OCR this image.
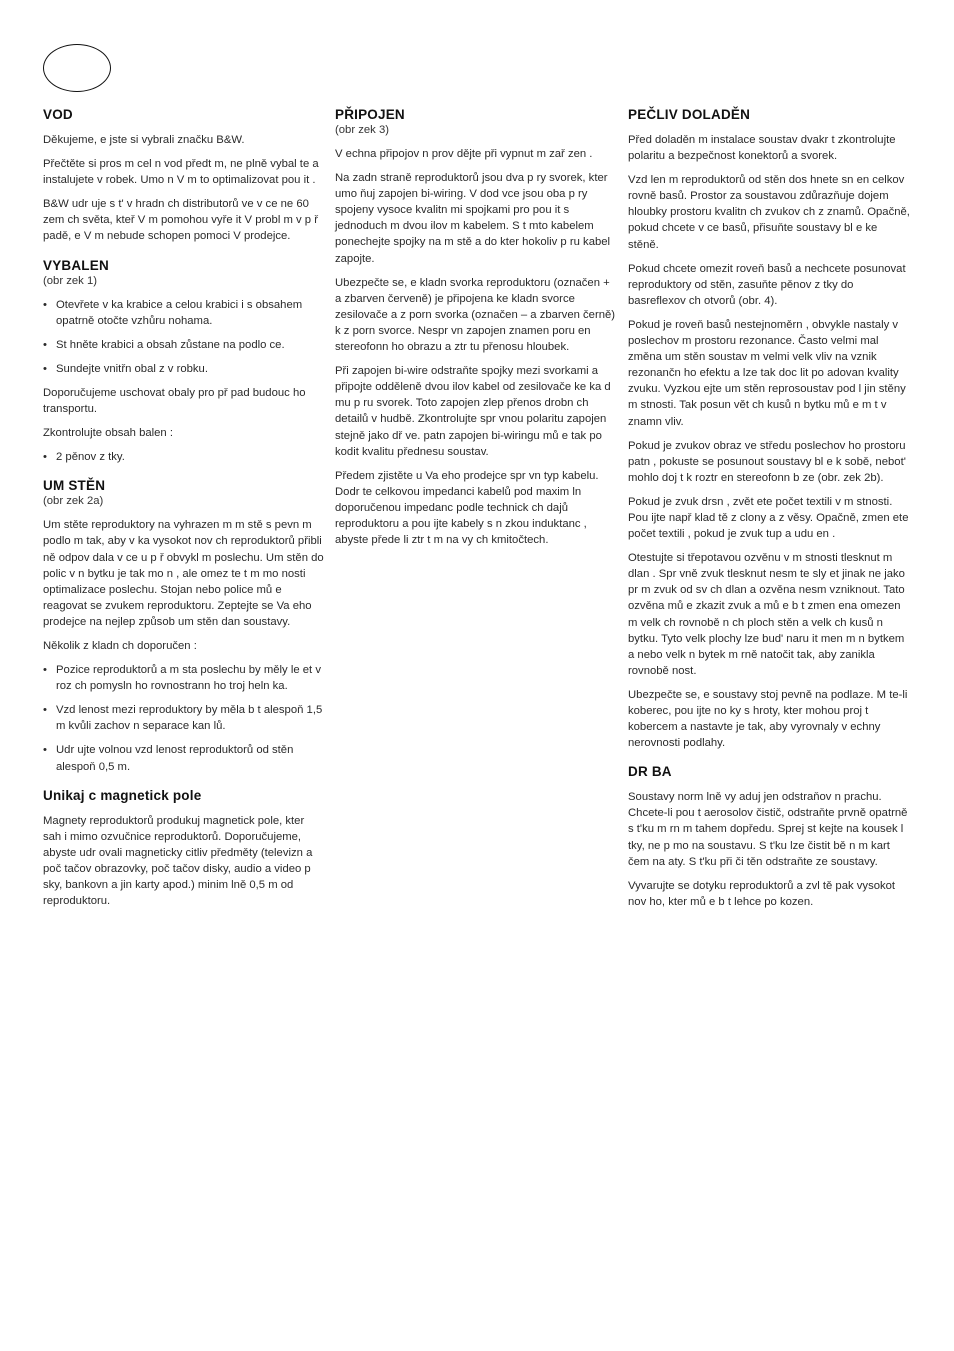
VOD

Děkujeme, e jste si vybrali značku B&W.

Přečtěte si pros m cel n vod předt m, ne plně vybal te a instalujete v robek. Umo n V m to optimalizovat pou it .

B&W udr uje s t' v hradn ch distributorů ve v ce ne 60 zem ch světa, kteř V m pomohou vyře it V probl m v p ř padě, e V m nebude schopen pomoci V prodejce.

VYBALEN
(obr zek 1)
• Otevřete v ka krabice a celou krabici i s obsahem opatrně otočte vzhůru nohama.
• St hněte krabici a obsah zůstane na podlo ce.
• Sundejte vnitřn obal z v robku.

Doporučujeme uschovat obaly pro př pad budouc ho transportu.

Zkontrolujte obsah balen :

• 2 pěnov z tky.
UM STĚN
(obr zek 2a)

Um stěte reproduktory na vyhrazen m m stě s pevn m podlo m tak, aby v ka vysokot nov ch reproduktorů přibli ně odpov dala v ce u p ř obvykl m poslechu. Um stěn do polic v n bytku je tak mo n , ale omez te t m mo nosti optimalizace poslechu. Stojan nebo police mů e reagovat se zvukem reproduktoru. Zeptejte se Va eho prodejce na nejlep způsob um stěn dan soustavy.

Několik z kladn ch doporučen :

• Pozice reproduktorů a m sta poslechu by měly le et v roz ch pomysln ho rovnostrann ho troj heln ka.
• Vzd lenost mezi reproduktory by měla b t alespoň 1,5 m kvůli zachov n separace kan lů.
• Udr ujte volnou vzd lenost reproduktorů od stěn alespoň 0,5 m.
Unikaj c magnetick pole

Magnety reproduktorů produkuj magnetick pole, kter sah i mimo ozvučnice reproduktorů. Doporučujeme, abyste udr ovali magneticky citliv předměty (televizn a poč tačov obrazovky, poč tačov disky, audio a video p sky, bankovn a jin karty apod.) minim lně 0,5 m od reproduktoru.

PŘIPOJEN
(obr zek 3)

V echna připojov n prov dějte při vypnut m zař zen .

Na zadn straně reproduktorů jsou dva p ry svorek, kter umo ňuj zapojen bi-wiring. V dod vce jsou oba p ry spojeny vysoce kvalitn mi spojkami pro pou it s jednoduch m dvou ilov m kabelem. S t mto kabelem ponechejte spojky na m stě a do kter hokoliv p ru kabel zapojte.

Ubezpečte se, e kladn svorka reproduktoru (označen + a zbarven červeně) je připojena ke kladn svorce zesilovače a z porn svorka (označen – a zbarven černě) k z porn svorce. Nespr vn zapojen znamen poru en stereofonn ho obrazu a ztr tu přenosu hloubek.

Při zapojen bi-wire odstraňte spojky mezi svorkami a připojte odděleně dvou ilov kabel od zesilovače ke ka d mu p ru svorek. Toto zapojen zlep přenos drobn ch detailů v hudbě. Zkontrolujte spr vnou polaritu zapojen stejně jako dř ve. patn zapojen bi-wiringu mů e tak po kodit kvalitu přednesu soustav.

Předem zjistěte u Va eho prodejce spr vn typ kabelu. Dodr te celkovou impedanci kabelů pod maxim ln doporučenou impedanc podle technick ch dajů reproduktoru a pou ijte kabely s n zkou induktanc , abyste přede li ztr t m na vy ch kmitočtech.

PEČLIV DOLADĚN

Před doladěn m instalace soustav dvakr t zkontrolujte polaritu a bezpečnost konektorů a svorek.

Vzd len m reproduktorů od stěn dos hnete sn en celkov rovně basů. Prostor za soustavou zdůrazňuje dojem hloubky prostoru kvalitn ch zvukov ch z znamů. Opačně, pokud chcete v ce basů, přisuňte soustavy bl e ke stěně.

Pokud chcete omezit roveň basů a nechcete posunovat reproduktory od stěn, zasuňte pěnov z tky do basreflexov ch otvorů (obr. 4).

Pokud je roveň basů nestejnoměrn , obvykle nastaly v poslechov m prostoru rezonance. Často velmi mal změna um stěn soustav m velmi velk vliv na vznik rezonančn ho efektu a lze tak doc lit po adovan kvality zvuku. Vyzkou ejte um stěn reprosoustav pod l jin stěny m stnosti. Tak posun vět ch kusů n bytku mů e m t v znamn vliv.

Pokud je zvukov obraz ve středu poslechov ho prostoru patn , pokuste se posunout soustavy bl e k sobě, nebot' mohlo doj t k roztr en stereofonn b ze (obr. zek 2b).

Pokud je zvuk drsn , zvět ete počet textili v m stnosti. Pou ijte např klad tě z clony a z věsy. Opačně, zmen ete počet textili , pokud je zvuk tup a udu en .

Otestujte si třepotavou ozvěnu v m stnosti tlesknut m dlan . Spr vně zvuk tlesknut nesm te sly et jinak ne jako pr m zvuk od sv ch dlan a ozvěna nesm vzniknout. Tato ozvěna mů e zkazit zvuk a mů e b t zmen ena omezen m velk ch rovnobě n ch ploch stěn a velk ch kusů n bytku. Tyto velk plochy lze bud' naru it men m n bytkem a nebo velk n bytek m rně natočit tak, aby zanikla rovnobě nost.

Ubezpečte se, e soustavy stoj pevně na podlaze. M te-li koberec, pou ijte no ky s hroty, kter mohou proj t kobercem a nastavte je tak, aby vyrovnaly v echny nerovnosti podlahy.

DR BA

Soustavy norm lně vy aduj jen odstraňov n prachu. Chcete-li pou t aerosolov čistič, odstraňte prvně opatrně s t'ku m rn m tahem dopředu. Sprej st kejte na kousek l tky, ne p mo na soustavu. S t'ku lze čistit bě n m kart čem na aty. S t'ku při či těn odstraňte ze soustavy.

Vyvarujte se dotyku reproduktorů a zvl tě pak vysokot nov ho, kter mů e b t lehce po kozen.
